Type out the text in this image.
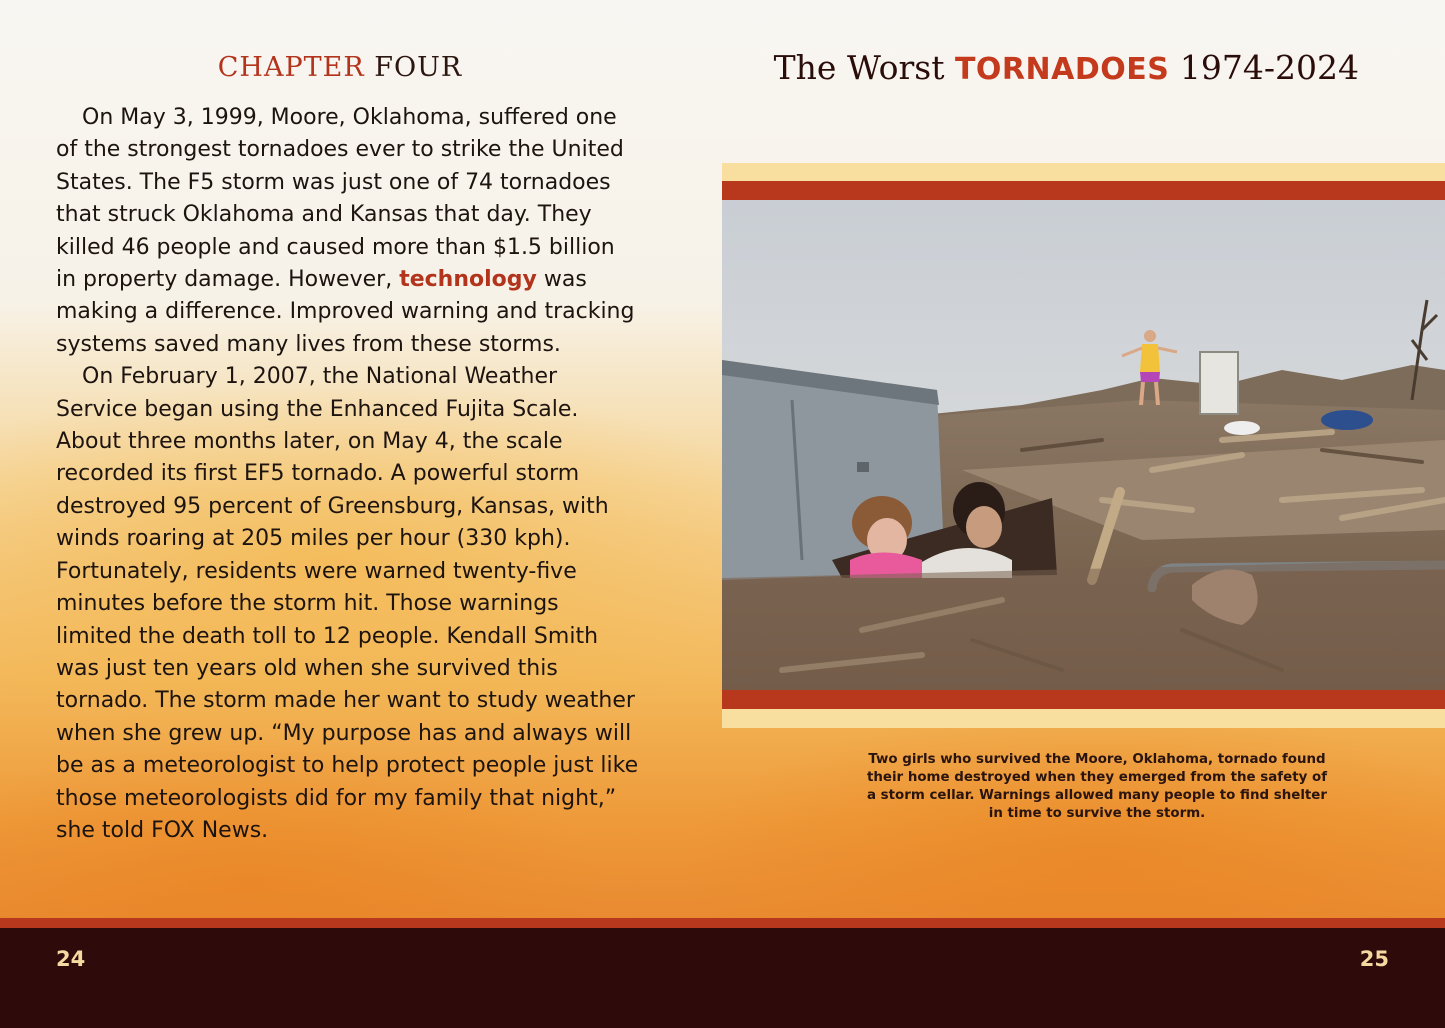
CHAPTER FOUR

On May 3, 1999, Moore, Oklahoma, suffered one of the strongest tornadoes ever to strike the United States. The F5 storm was just one of 74 tornadoes that struck Oklahoma and Kansas that day. They killed 46 people and caused more than $1.5 billion in property damage. However, technology was making a difference. Improved warning and tracking systems saved many lives from these storms.

On February 1, 2007, the National Weather Service began using the Enhanced Fujita Scale. About three months later, on May 4, the scale recorded its first EF5 tornado. A powerful storm destroyed 95 percent of Greensburg, Kansas, with winds roaring at 205 miles per hour (330 kph). Fortunately, residents were warned twenty-five minutes before the storm hit. Those warnings limited the death toll to 12 people. Kendall Smith was just ten years old when she survived this tornado. The storm made her want to study weather when she grew up. “My purpose has and always will be as a meteorologist to help protect people just like those meteorologists did for my family that night,” she told FOX News.

The Worst TORNADOES 1974-2024
Two girls who survived the Moore, Oklahoma, tornado found their home destroyed when they emerged from the safety of a storm cellar. Warnings allowed many people to find shelter in time to survive the storm.
24	25
